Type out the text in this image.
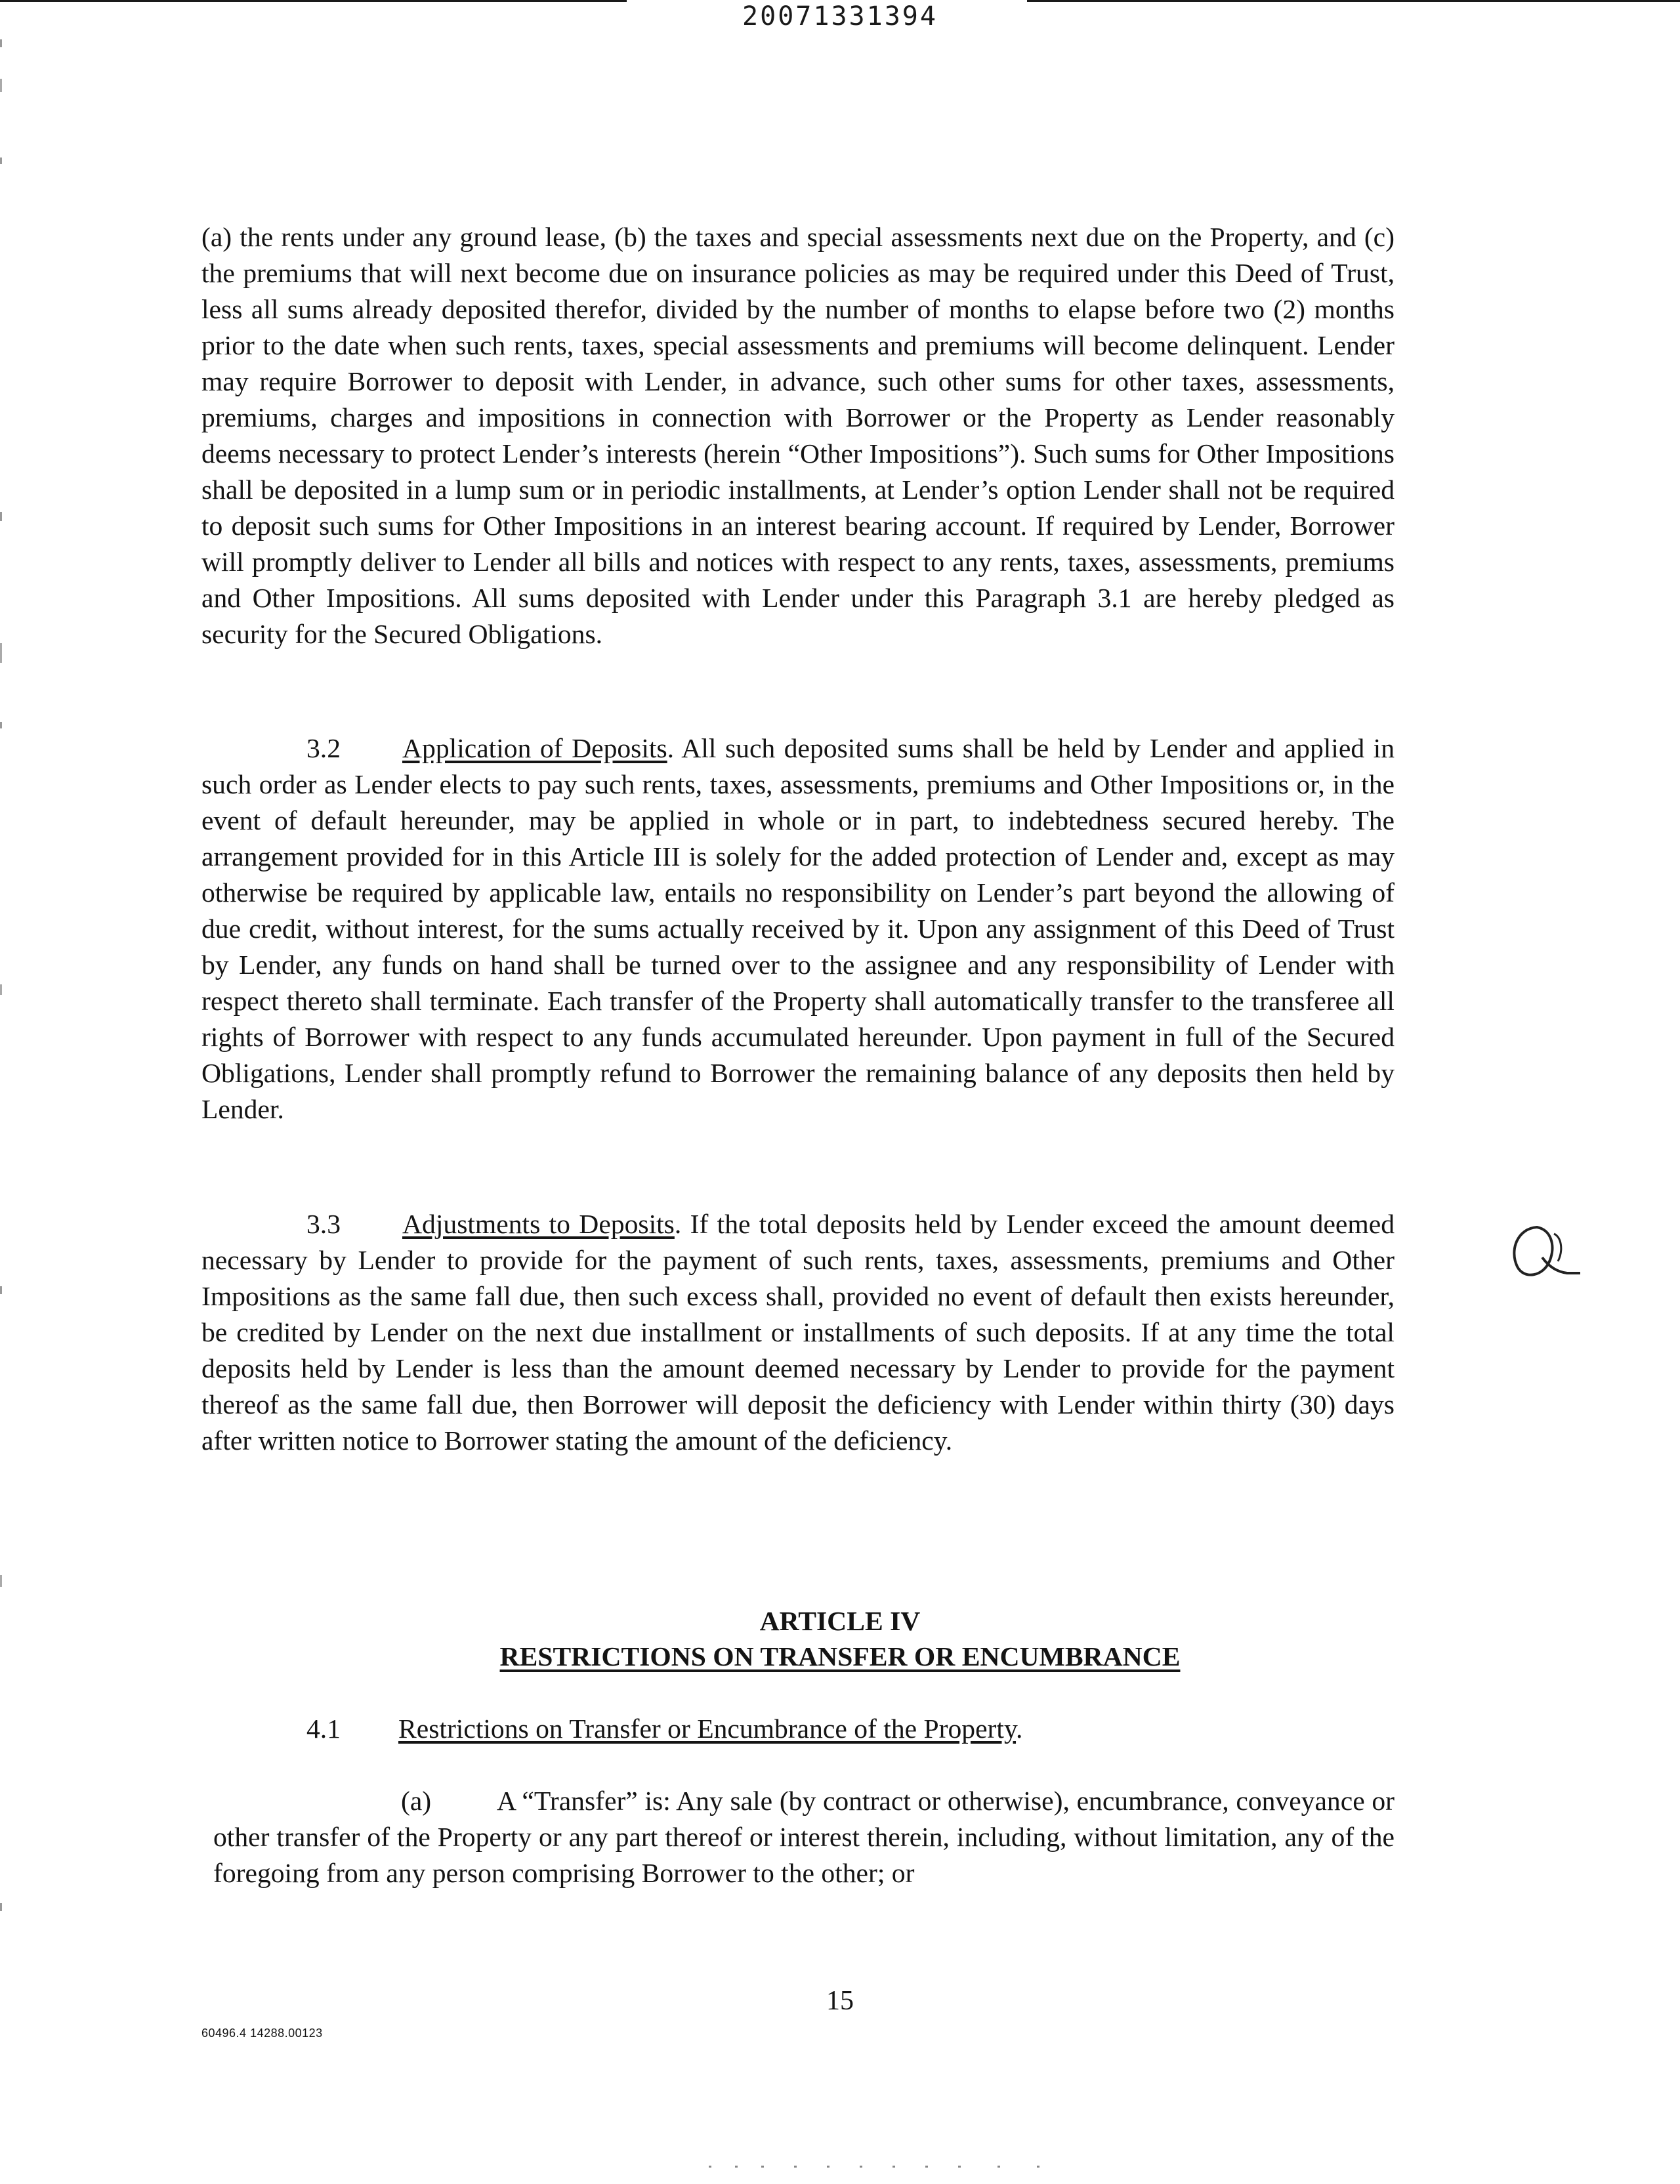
20071331394

(a) the rents under any ground lease, (b) the taxes and special assessments next due on the Property, and (c) the premiums that will next become due on insurance policies as may be required under this Deed of Trust, less all sums already deposited therefor, divided by the number of months to elapse before two (2) months prior to the date when such rents, taxes, special assessments and premiums will become delinquent. Lender may require Borrower to deposit with Lender, in advance, such other sums for other taxes, assessments, premiums, charges and impositions in connection with Borrower or the Property as Lender reasonably deems necessary to protect Lender’s interests (herein “Other Impositions”). Such sums for Other Impositions shall be deposited in a lump sum or in periodic installments, at Lender’s option Lender shall not be required to deposit such sums for Other Impositions in an interest bearing account. If required by Lender, Borrower will promptly deliver to Lender all bills and notices with respect to any rents, taxes, assessments, premiums and Other Impositions. All sums deposited with Lender under this Paragraph 3.1 are hereby pledged as security for the Secured Obligations.

3.2 Application of Deposits. All such deposited sums shall be held by Lender and applied in such order as Lender elects to pay such rents, taxes, assessments, premiums and Other Impositions or, in the event of default hereunder, may be applied in whole or in part, to indebtedness secured hereby. The arrangement provided for in this Article III is solely for the added protection of Lender and, except as may otherwise be required by applicable law, entails no responsibility on Lender’s part beyond the allowing of due credit, without interest, for the sums actually received by it. Upon any assignment of this Deed of Trust by Lender, any funds on hand shall be turned over to the assignee and any responsibility of Lender with respect thereto shall terminate. Each transfer of the Property shall automatically transfer to the transferee all rights of Borrower with respect to any funds accumulated hereunder. Upon payment in full of the Secured Obligations, Lender shall promptly refund to Borrower the remaining balance of any deposits then held by Lender.

3.3 Adjustments to Deposits. If the total deposits held by Lender exceed the amount deemed necessary by Lender to provide for the payment of such rents, taxes, assessments, premiums and Other Impositions as the same fall due, then such excess shall, provided no event of default then exists hereunder, be credited by Lender on the next due installment or installments of such deposits. If at any time the total deposits held by Lender is less than the amount deemed necessary by Lender to provide for the payment thereof as the same fall due, then Borrower will deposit the deficiency with Lender within thirty (30) days after written notice to Borrower stating the amount of the deficiency.

ARTICLE IV
RESTRICTIONS ON TRANSFER OR ENCUMBRANCE
4.1 Restrictions on Transfer or Encumbrance of the Property.

(a) A “Transfer” is: Any sale (by contract or otherwise), encumbrance, conveyance or other transfer of the Property or any part thereof or interest therein, including, without limitation, any of the foregoing from any person comprising Borrower to the other; or

15
60496.4 14288.00123
